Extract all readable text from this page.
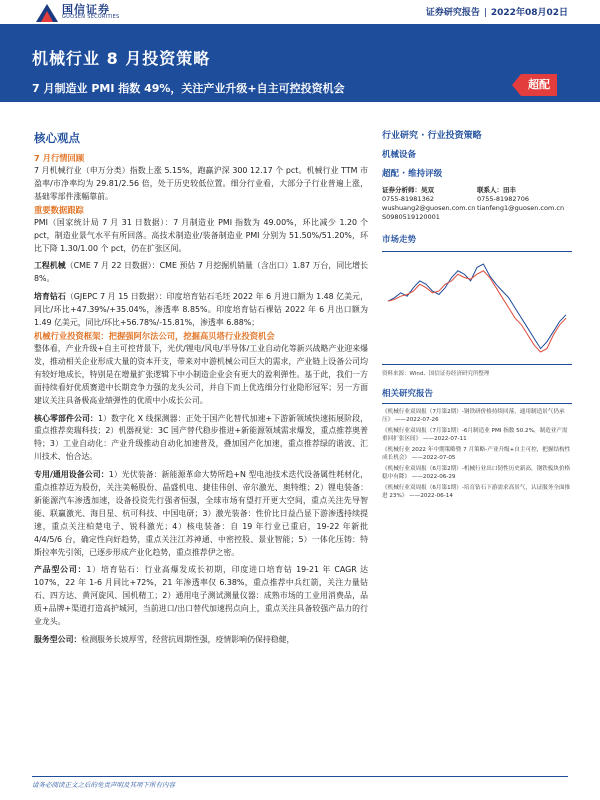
国信证券
GUOSEN SECURITIES	证券研究报告 | 2022年08月02日
机械行业 8 月投资策略
7 月制造业 PMI 指数 49%，关注产业升级+自主可控投资机会	超配
核心观点
7 月行情回顾
7 月机械行业（申万分类）指数上涨 5.15%，跑赢沪深 300 12.17 个 pct。机械行业 TTM 市盈率/市净率均为 29.81/2.56 倍，处于历史较低位置。细分行业看，大部分子行业普遍上涨，基础零部件涨幅靠前。
重要数据跟踪
PMI（国家统计局 7 月 31 日数据）：7 月制造业 PMI 指数为 49.00%，环比减少 1.20 个 pct，制造业景气水平有所回落。高技术制造业/装备制造业 PMI 分别为 51.50%/51.20%，环比下降 1.30/1.00 个 pct，仍在扩张区间。
工程机械（CME 7 月 22 日数据）：CME 预估 7 月挖掘机销量（含出口）1.87 万台，同比增长 8%。
培育钻石（GJEPC 7 月 15 日数据）：印度培育钻石毛坯 2022 年 6 月进口额为 1.48 亿美元，同比/环比+47.39%/+35.04%，渗透率 8.85%。印度培育钻石裸钻 2022 年 6 月出口额为 1.49 亿美元，同比/环比+56.78%/-15.81%，渗透率 6.88%；
机械行业投资框架：把握强阿尔法公司，挖掘高贝塔行业投资机会
整体看，产业升级+自主可控背景下，光伏/锂电/风电/半导体/工业自动化等新兴战略产业迎来爆发，推动相关企业形成大量的资本开支，带来对中游机械公司巨大的需求，产业链上设备公司均有较好地成长，特别是在增量扩张逻辑下中小制造企业会有更大的盈利弹性。基于此，我们一方面持续看好优质赛道中长期竞争力强的龙头公司，并自下而上优选细分行业隐形冠军；另一方面建议关注具备极高业绩弹性的优质中小成长公司。
核心零部件公司：1）数字化 X 线探测器：正处于国产化替代加速+下游新领域快速拓展阶段，重点推荐奕瑞科技；2）机器视觉：3C 国产替代稳步推进+新能源领域需求爆发，重点推荐奥普特；3）工业自动化：产业升级推动自动化加速普及，叠加国产化加速，重点推荐绿的谐波、汇川技术、怡合达。
专用/通用设备公司：1）光伏装备：新能源革命大势所趋+N 型电池技术迭代设备属性耗材化，重点推荐迈为股份，关注美畅股份、晶盛机电、捷佳伟创、帝尔激光、奥特维；2）锂电装备：新能源汽车渗透加速，设备投资先行强者恒强，全球市场有望打开更大空间，重点关注先导智能、联赢激光、海目星、杭可科技、中国电研；3）激光装备：性价比日益凸显下游渗透持续提速，重点关注柏楚电子、锐科激光；4）核电装备：自 19 年行业已重启，19-22 年新批 4/4/5/6 台，确定性向好趋势，重点关注江苏神通、中密控股、景业智能；5）一体化压铸：特斯拉率先引领，已逐步形成产业化趋势，重点推荐伊之密。
产品型公司：1）培育钻石：行业高爆发成长初期，印度进口培育钻 19-21 年 CAGR 达 107%，22 年 1-6 月同比+72%，21 年渗透率仅 6.38%，重点推荐中兵红箭，关注力量钻石、四方达、黄河旋风、国机精工；2）通用电子测试测量仪器：成熟市场的工业用消费品，品质+品牌+渠道打造高护城河，当前进口/出口替代加速拐点向上，重点关注具备较强产品力的行业龙头。
服务型公司：检测服务长坡厚雪，经营抗周期性强，疫情影响仍保持稳健，
行业研究 · 行业投资策略
机械设备
超配 · 维持评级
证券分析师：吴双
0755-81981362
wushuang2@guosen.com.cn
S0980519120001
联系人：田丰
0755-81982706
tianfeng1@guosen.com.cn
市场走势
资料来源：Wind、国信证券经济研究所整理
相关研究报告
《机械行业双周报（7月第2期）-钢铁研价格持续回落，通用制造景气仍承压》 ——2022-07-26
《机械行业双周报（7月第1期）-6月制造业 PMI 指数 50.2%，制造业产需重回扩张区间》 ——2022-07-11
《机械行业 2022 年中期策略暨 7 月策略-产业升级+自主可控，把握结构性成长机会》 ——2022-07-05
《机械行业双周报（6月第2期）-机械行业出口韧性历史新高，钢铁板块价格稳中有降》 ——2022-06-29
《机械行业双周报（6月第1期）-培育钻石下游需求高景气，认证服务全面推进 23%》 ——2022-06-14
请务必阅读正文之后的免责声明及其项下所有内容
